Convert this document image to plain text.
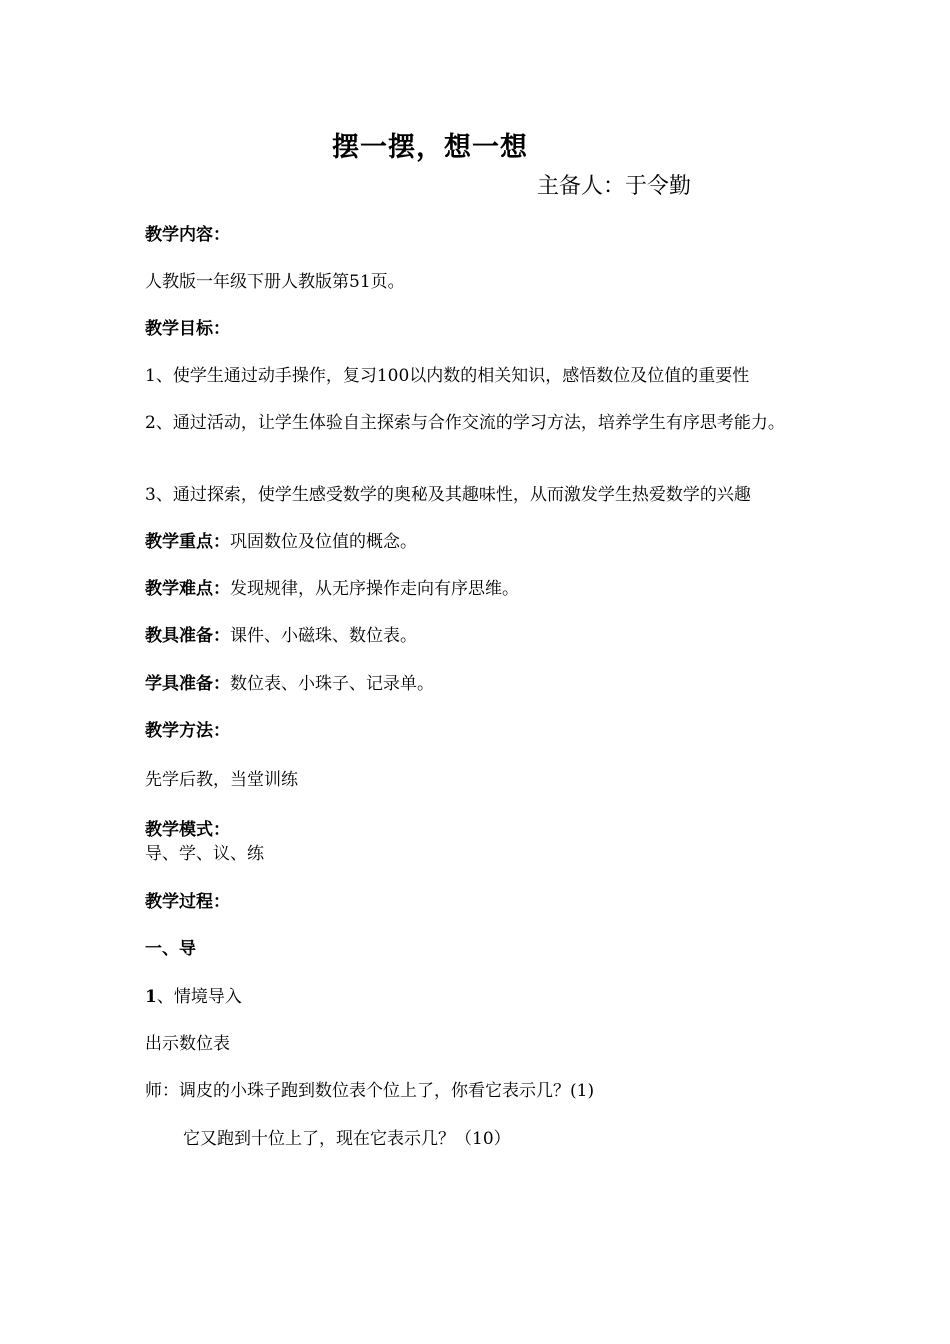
摆一摆，想一想
主备人：于令勤
教学内容：
人教版一年级下册人教版第51页。
教学目标：
1、使学生通过动手操作，复习100以内数的相关知识，感悟数位及位值的重要性
2、通过活动，让学生体验自主探索与合作交流的学习方法，培养学生有序思考能力。
3、通过探索，使学生感受数学的奥秘及其趣味性，从而激发学生热爱数学的兴趣
教学重点：巩固数位及位值的概念。
教学难点：发现规律，从无序操作走向有序思维。
教具准备：课件、小磁珠、数位表。
学具准备：数位表、小珠子、记录单。
教学方法：
先学后教，当堂训练
教学模式：
导、学、议、练
教学过程：
一、导
1、情境导入
出示数位表
师：调皮的小珠子跑到数位表个位上了，你看它表示几？(1)
它又跑到十位上了，现在它表示几？（10）
